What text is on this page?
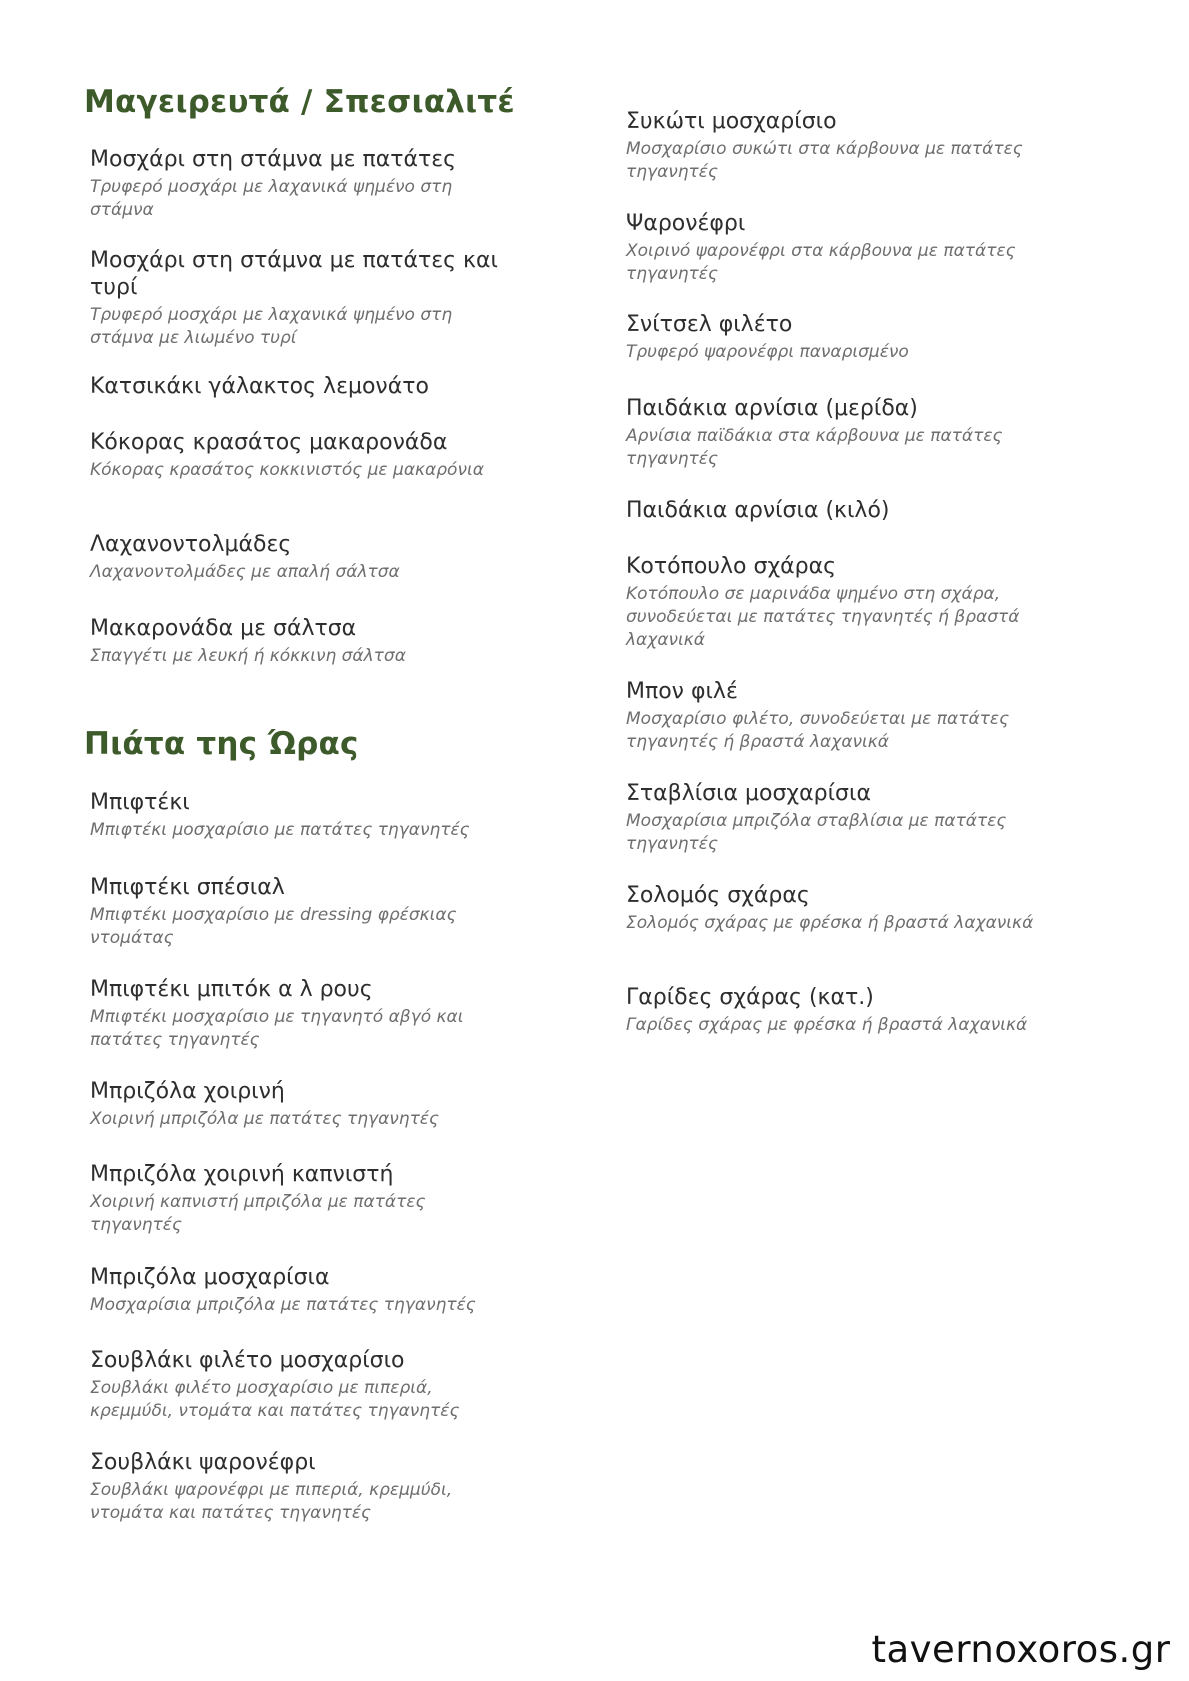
Μαγειρευτά / Σπεσιαλιτέ
Μοσχάρι στη στάμνα με πατάτες
Τρυφερό μοσχάρι με λαχανικά ψημένο στη στάμνα
Μοσχάρι στη στάμνα με πατάτες και τυρί
Τρυφερό μοσχάρι με λαχανικά ψημένο στη στάμνα με λιωμένο τυρί
Κατσικάκι γάλακτος λεμονάτο
Κόκορας κρασάτος μακαρονάδα
Κόκορας κρασάτος κοκκινιστός με μακαρόνια
Λαχανοντολμάδες
Λαχανοντολμάδες με απαλή σάλτσα
Μακαρονάδα με σάλτσα
Σπαγγέτι με λευκή ή κόκκινη σάλτσα
Πιάτα της Ώρας
Μπιφτέκι
Μπιφτέκι μοσχαρίσιο με πατάτες τηγανητές
Μπιφτέκι σπέσιαλ
Μπιφτέκι μοσχαρίσιο με dressing φρέσκιας ντομάτας
Μπιφτέκι μπιτόκ α λ ρους
Μπιφτέκι μοσχαρίσιο με τηγανητό αβγό και πατάτες τηγανητές
Μπριζόλα χοιρινή
Χοιρινή μπριζόλα με πατάτες τηγανητές
Μπριζόλα χοιρινή καπνιστή
Χοιρινή καπνιστή μπριζόλα με πατάτες τηγανητές
Μπριζόλα μοσχαρίσια
Μοσχαρίσια μπριζόλα με πατάτες τηγανητές
Σουβλάκι φιλέτο μοσχαρίσιο
Σουβλάκι φιλέτο μοσχαρίσιο με πιπεριά, κρεμμύδι, ντομάτα και πατάτες τηγανητές
Σουβλάκι ψαρονέφρι
Σουβλάκι ψαρονέφρι με πιπεριά, κρεμμύδι, ντομάτα και πατάτες τηγανητές
Συκώτι μοσχαρίσιο
Μοσχαρίσιο συκώτι στα κάρβουνα με πατάτες τηγανητές
Ψαρονέφρι
Χοιρινό ψαρονέφρι στα κάρβουνα με πατάτες τηγανητές
Σνίτσελ φιλέτο
Τρυφερό ψαρονέφρι παναρισμένο
Παιδάκια αρνίσια (μερίδα)
Αρνίσια παϊδάκια στα κάρβουνα με πατάτες τηγανητές
Παιδάκια αρνίσια (κιλό)
Κοτόπουλο σχάρας
Κοτόπουλο σε μαρινάδα ψημένο στη σχάρα, συνοδεύεται με πατάτες τηγανητές ή βραστά λαχανικά
Μπον φιλέ
Μοσχαρίσιο φιλέτο, συνοδεύεται με πατάτες τηγανητές ή βραστά λαχανικά
Σταβλίσια μοσχαρίσια
Μοσχαρίσια μπριζόλα σταβλίσια με πατάτες τηγανητές
Σολομός σχάρας
Σολομός σχάρας με φρέσκα ή βραστά λαχανικά
Γαρίδες σχάρας (κατ.)
Γαρίδες σχάρας με φρέσκα ή βραστά λαχανικά
tavernoxoros.gr
